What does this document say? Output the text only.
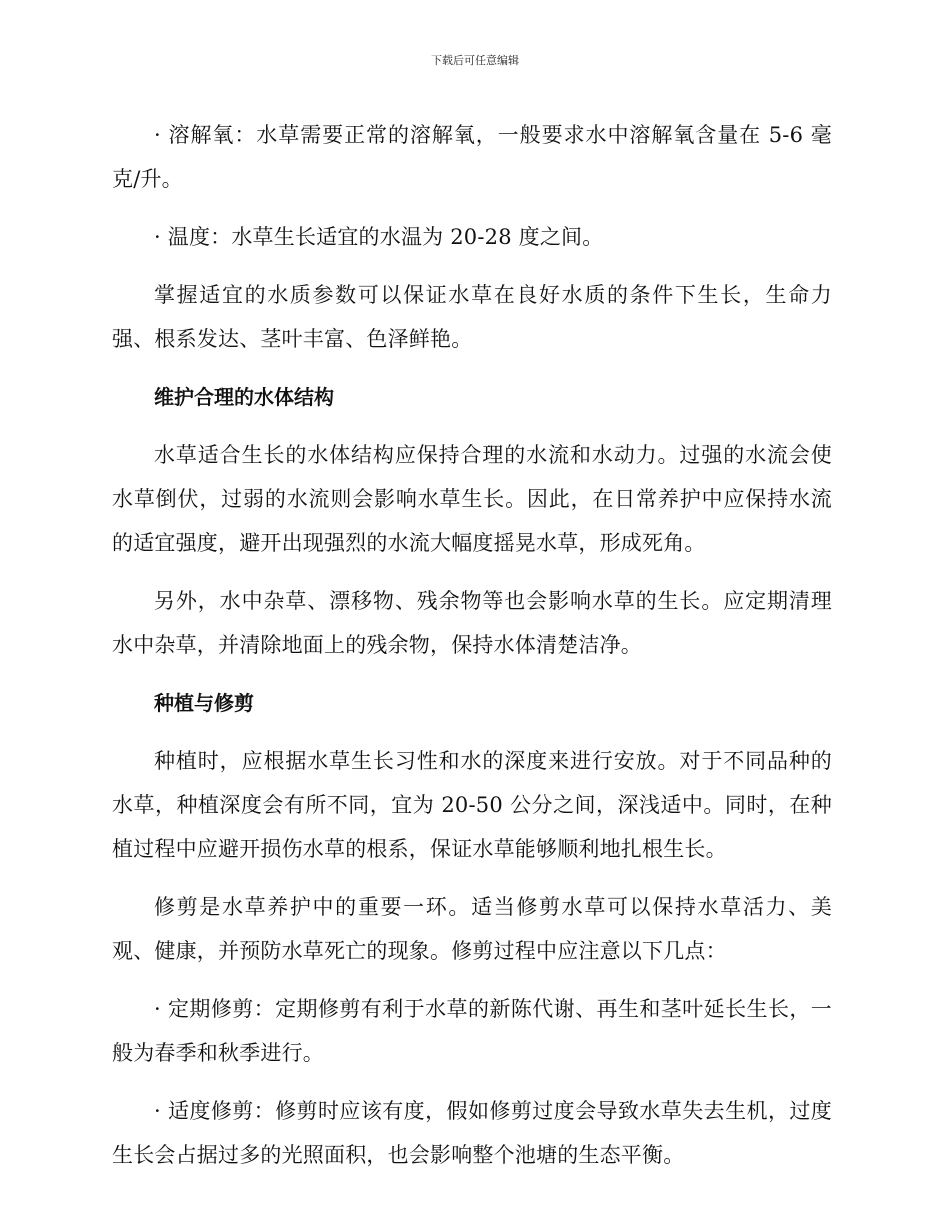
下载后可任意编辑

· 溶解氧：水草需要正常的溶解氧，一般要求水中溶解氧含量在 5-6 毫克/升。

· 温度：水草生长适宜的水温为 20-28 度之间。

掌握适宜的水质参数可以保证水草在良好水质的条件下生长，生命力强、根系发达、茎叶丰富、色泽鲜艳。

维护合理的水体结构

水草适合生长的水体结构应保持合理的水流和水动力。过强的水流会使水草倒伏，过弱的水流则会影响水草生长。因此，在日常养护中应保持水流的适宜强度，避开出现强烈的水流大幅度摇晃水草，形成死角。

另外，水中杂草、漂移物、残余物等也会影响水草的生长。应定期清理水中杂草，并清除地面上的残余物，保持水体清楚洁净。

种植与修剪

种植时，应根据水草生长习性和水的深度来进行安放。对于不同品种的水草，种植深度会有所不同，宜为 20-50 公分之间，深浅适中。同时，在种植过程中应避开损伤水草的根系，保证水草能够顺利地扎根生长。

修剪是水草养护中的重要一环。适当修剪水草可以保持水草活力、美观、健康，并预防水草死亡的现象。修剪过程中应注意以下几点：

· 定期修剪：定期修剪有利于水草的新陈代谢、再生和茎叶延长生长，一般为春季和秋季进行。

· 适度修剪：修剪时应该有度，假如修剪过度会导致水草失去生机，过度生长会占据过多的光照面积，也会影响整个池塘的生态平衡。
